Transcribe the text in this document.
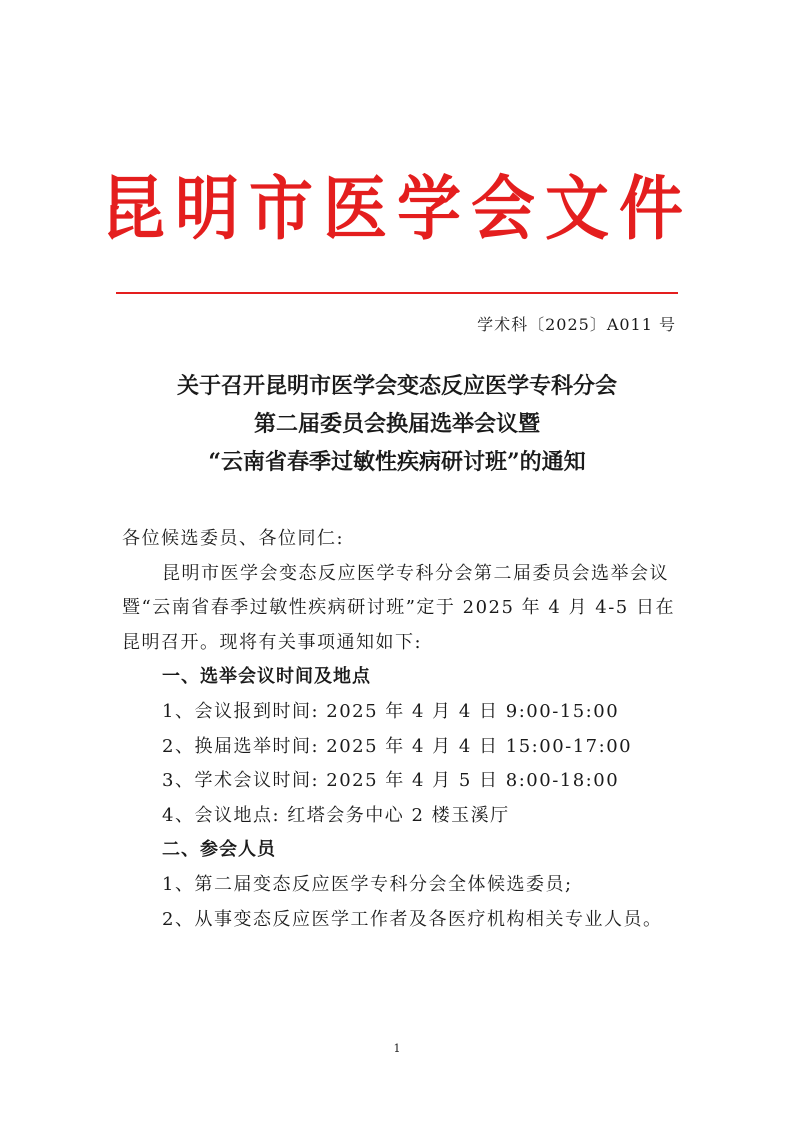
昆明市医学会文件
学术科〔2025〕A011 号
关于召开昆明市医学会变态反应医学专科分会
第二届委员会换届选举会议暨
“云南省春季过敏性疾病研讨班”的通知

各位候选委员、各位同仁:

昆明市医学会变态反应医学专科分会第二届委员会选举会议暨“云南省春季过敏性疾病研讨班”定于 2025 年 4 月 4-5 日在昆明召开。现将有关事项通知如下:

一、选举会议时间及地点

1、会议报到时间: 2025 年 4 月 4 日 9:00-15:00

2、换届选举时间: 2025 年 4 月 4 日 15:00-17:00

3、学术会议时间: 2025 年 4 月 5 日 8:00-18:00

4、会议地点: 红塔会务中心 2 楼玉溪厅

二、参会人员

1、第二届变态反应医学专科分会全体候选委员;

2、从事变态反应医学工作者及各医疗机构相关专业人员。

1
